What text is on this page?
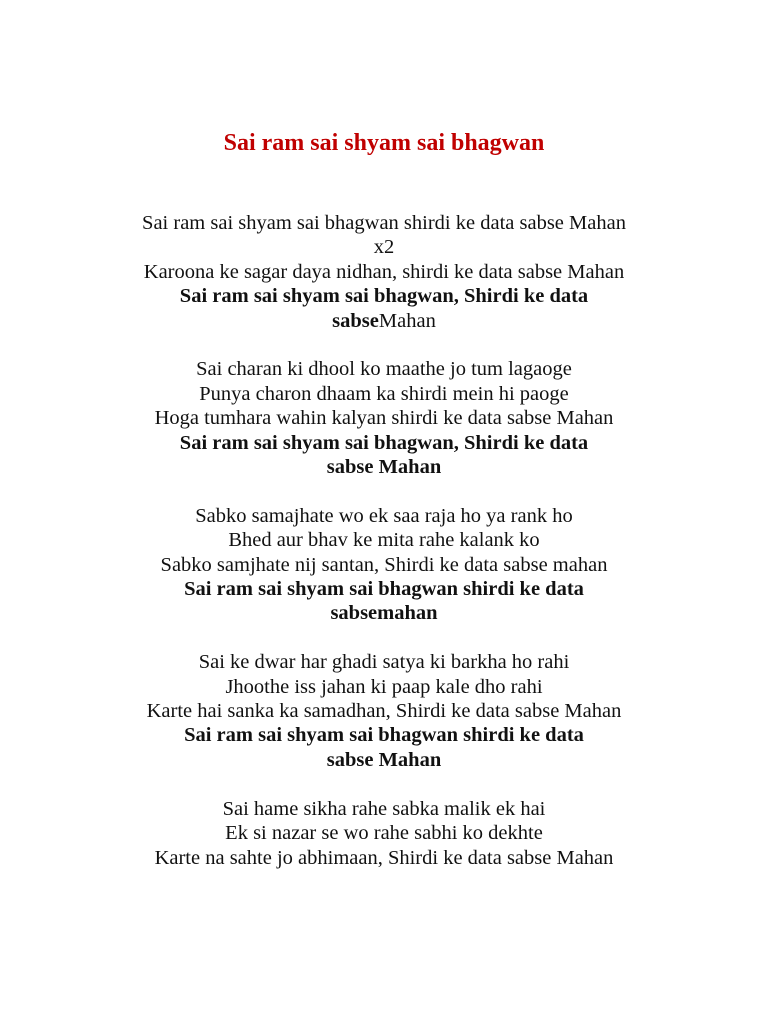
Sai ram sai shyam sai bhagwan
Sai ram sai shyam sai bhagwan shirdi ke data sabse Mahan
x2
Karoona ke sagar daya nidhan, shirdi ke data sabse Mahan
Sai ram sai shyam sai bhagwan, Shirdi ke data
sabseMahan
Sai charan ki dhool ko maathe jo tum lagaoge
Punya charon dhaam ka shirdi mein hi paoge
Hoga tumhara wahin kalyan shirdi ke data sabse Mahan
Sai ram sai shyam sai bhagwan, Shirdi ke data
sabse Mahan
Sabko samajhate wo ek saa raja ho ya rank ho
Bhed aur bhav ke mita rahe kalank ko
Sabko samjhate nij santan, Shirdi ke data sabse mahan
Sai ram sai shyam sai bhagwan shirdi ke data
sabsemahan
Sai ke dwar har ghadi satya ki barkha ho rahi
Jhoothe iss jahan ki paap kale dho rahi
Karte hai sanka ka samadhan, Shirdi ke data sabse Mahan
Sai ram sai shyam sai bhagwan shirdi ke data
sabse Mahan
Sai hame sikha rahe sabka malik ek hai
Ek si nazar se wo rahe sabhi ko dekhte
Karte na sahte jo abhimaan, Shirdi ke data sabse Mahan
